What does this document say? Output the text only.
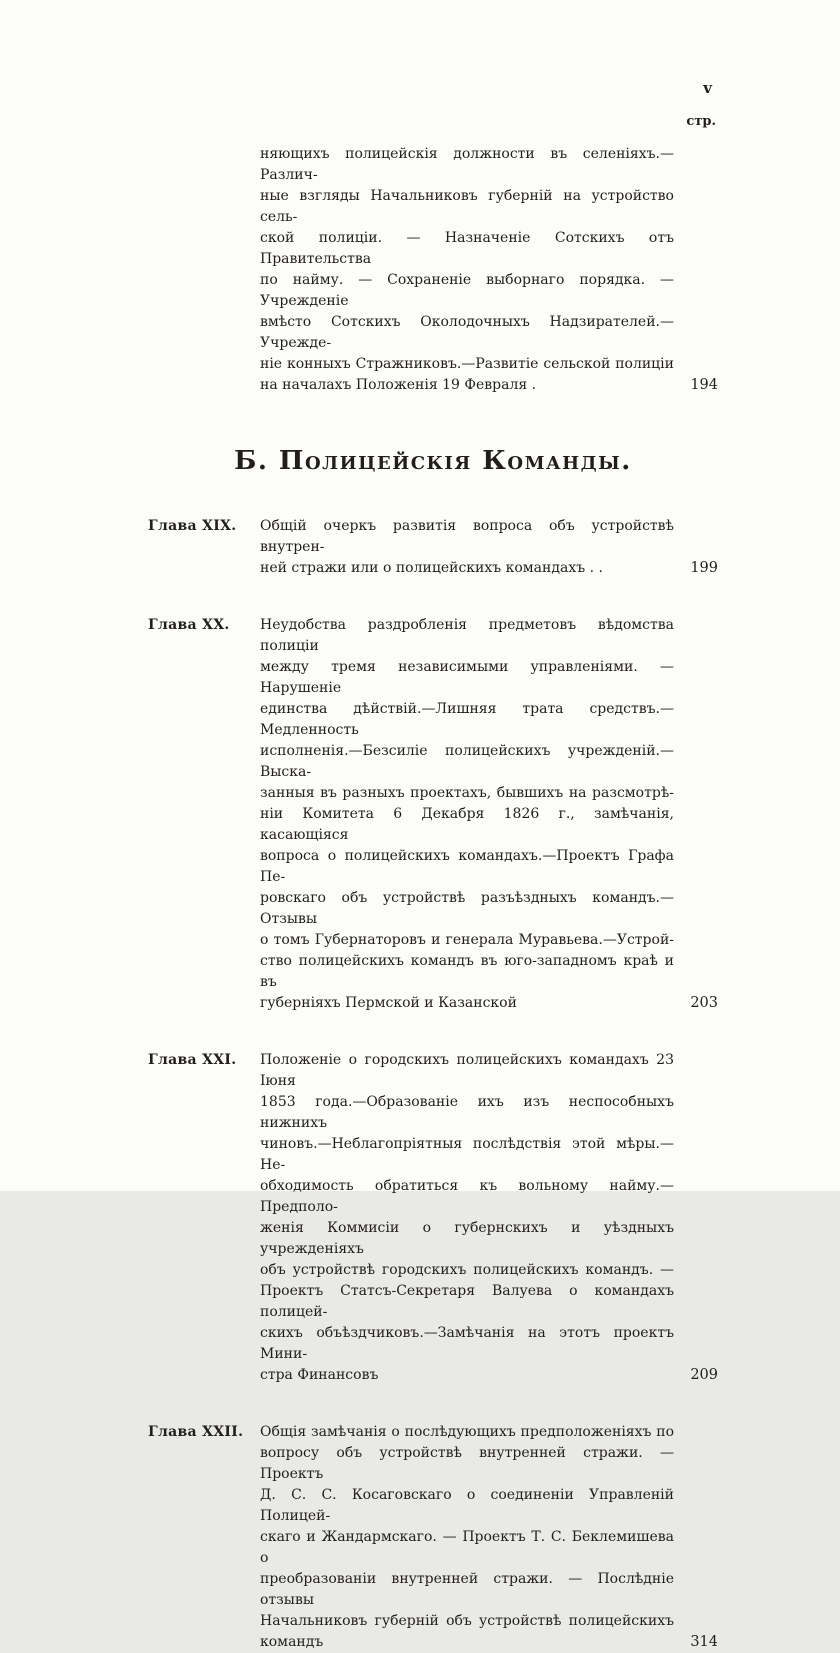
v
стр.
няющихъ полицейскія должности въ селеніяхъ.—Различ-
ные взгляды Начальниковъ губерній на устройство сель-
ской полиціи. — Назначеніе Сотскихъ отъ Правительства
по найму. — Сохраненіе выборнаго порядка. — Учрежденіе
вмѣсто Сотскихъ Околодочныхъ Надзирателей.—Учрежде-
ніе конныхъ Стражниковъ.—Развитіе сельской полиціи
на началахъ Положенія 19 Февраля .	194
Б. Полицейскія Команды.
Глава XIX.	Общій очеркъ развитія вопроса объ устройствѣ внутрен-
ней стражи или о полицейскихъ командахъ . .	199
Глава XX.	Неудобства раздробленія предметовъ вѣдомства полиціи
между тремя независимыми управленіями. — Нарушеніе
единства дѣйствій.—Лишняя трата средствъ.—Медленность
исполненія.—Безсиліе полицейскихъ учрежденій.—Выска-
занныя въ разныхъ проектахъ, бывшихъ на разсмотрѣ-
ніи Комитета 6 Декабря 1826 г., замѣчанія, касающіяся
вопроса о полицейскихъ командахъ.—Проектъ Графа Пе-
ровскаго объ устройствѣ разъѣздныхъ командъ.—Отзывы
о томъ Губернаторовъ и генерала Муравьева.—Устрой-
ство полицейскихъ командъ въ юго-западномъ краѣ и въ
губерніяхъ Пермской и Казанской	203
Глава XXI.	Положеніе о городскихъ полицейскихъ командахъ 23 Іюня
1853 года.—Образованіе ихъ изъ неспособныхъ нижнихъ
чиновъ.—Неблагопріятныя послѣдствія этой мѣры.—Не-
обходимость обратиться къ вольному найму.—Предполо-
женія Коммисіи о губернскихъ и уѣздныхъ учрежденіяхъ
объ устройствѣ городскихъ полицейскихъ командъ. —
Проектъ Статсъ-Секретаря Валуева о командахъ полицей-
скихъ объѣздчиковъ.—Замѣчанія на этотъ проектъ Мини-
стра Финансовъ	209
Глава XXII.	Общія замѣчанія о послѣдующихъ предположеніяхъ по
вопросу объ устройствѣ внутренней стражи. — Проектъ
Д. С. С. Косаговскаго о соединеніи Управленій Полицей-
скаго и Жандармскаго. — Проектъ Т. С. Беклемишева о
преобразованіи внутренней стражи. — Послѣдніе отзывы
Начальниковъ губерній объ устройствѣ полицейскихъ
командъ	314
